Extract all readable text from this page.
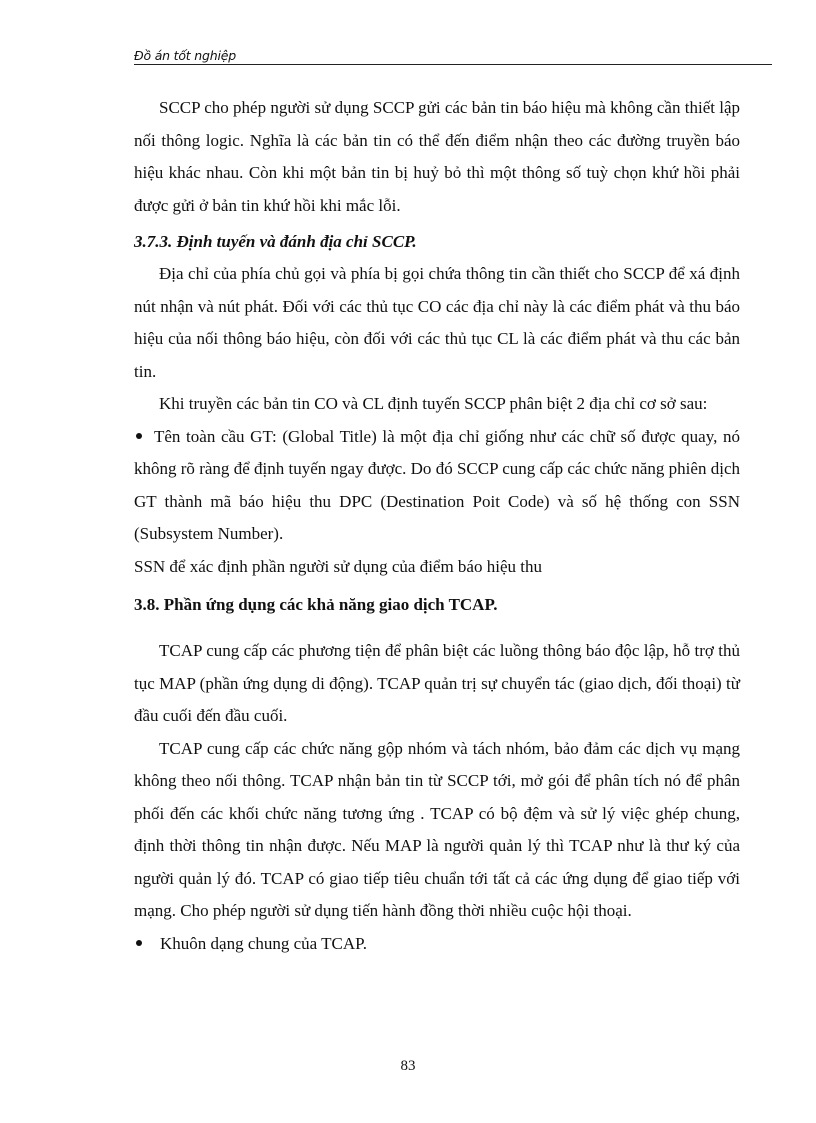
Đồ án tốt nghiệp

SCCP cho phép người sử dụng SCCP gửi các bản tin báo hiệu mà không cần thiết lập nối thông logic. Nghĩa là các bản tin có thể đến điểm nhận theo các đường truyền báo hiệu khác nhau. Còn khi một bản tin bị huỷ bỏ thì một thông số tuỳ chọn khứ hồi phải được gửi ở bản tin khứ hồi khi mắc lỗi.

3.7.3. Định tuyến và đánh địa chỉ SCCP.

Địa chỉ của phía chủ gọi và phía bị gọi chứa thông tin cần thiết cho SCCP để xá định nút nhận và nút phát. Đối với các thủ tục CO các địa chỉ này là các điểm phát và thu báo hiệu của nối thông báo hiệu, còn đối với các thủ tục CL là các điểm phát và thu các bản tin.

Khi truyền các bản tin CO và CL định tuyến SCCP phân biệt 2 địa chỉ cơ sở sau:

Tên toàn cầu GT: (Global Title) là một địa chỉ giống như các chữ số được quay, nó không rõ ràng để định tuyến ngay được. Do đó SCCP cung cấp các chức năng phiên dịch GT thành mã báo hiệu thu DPC (Destination Poit Code) và số hệ thống con SSN (Subsystem Number).

SSN để xác định phần người sử dụng của điểm báo hiệu thu

3.8. Phần ứng dụng các khả năng giao dịch TCAP.

TCAP cung cấp các phương tiện để phân biệt các luồng thông báo độc lập, hỗ trợ thủ tục MAP (phần ứng dụng di động). TCAP quản trị sự chuyển tác (giao dịch, đối thoại) từ đầu cuối đến đầu cuối.

TCAP cung cấp các chức năng gộp nhóm và tách nhóm, bảo đảm các dịch vụ mạng không theo nối thông. TCAP nhận bản tin từ SCCP tới, mở gói để phân tích nó để phân phối đến các khối chức năng tương ứng . TCAP có bộ đệm và sử lý việc ghép chung, định thời thông tin nhận được. Nếu MAP là người quản lý thì TCAP như là thư ký của người quản lý đó. TCAP có giao tiếp tiêu chuẩn tới tất cả các ứng dụng để giao tiếp với mạng. Cho phép người sử dụng tiến hành đồng thời nhiều cuộc hội thoại.

Khuôn dạng chung của TCAP.

83
